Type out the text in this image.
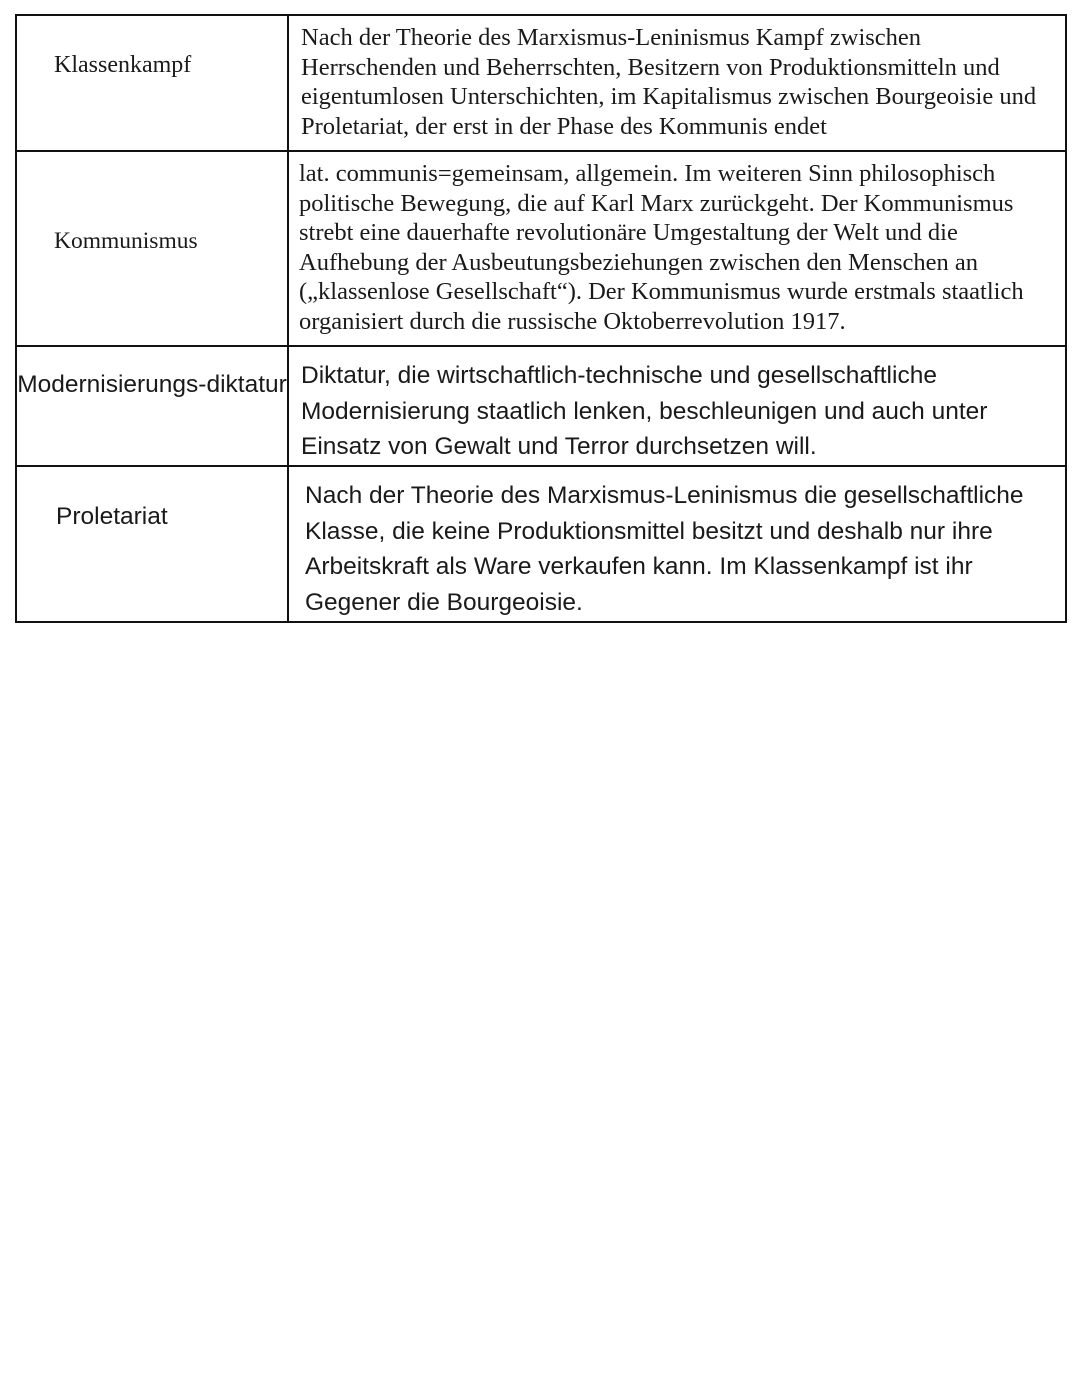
Klassenkampf	Nach der Theorie des Marxismus-Leninismus Kampf zwischen Herrschenden und Beherrschten, Besitzern von Produktionsmitteln und eigentumlosen Unterschichten, im Kapitalismus zwischen Bourgeoisie und Proletariat, der erst in der Phase des Kommunis endet

Kommunismus	lat. communis=gemeinsam, allgemein. Im weiteren Sinn philosophisch politische Bewegung, die auf Karl Marx zurückgeht. Der Kommunismus strebt eine dauerhafte revolutionäre Umgestaltung der Welt und die Aufhebung der Ausbeutungsbeziehungen zwischen den Menschen an („klassenlose Gesellschaft“). Der Kommunismus wurde erstmals staatlich organisiert durch die russische Oktoberrevolution 1917.

Modernisierungs-diktatur	Diktatur, die wirtschaftlich-technische und gesellschaftliche Modernisierung staatlich lenken, beschleunigen und auch unter Einsatz von Gewalt und Terror durchsetzen will.

Proletariat	Nach der Theorie des Marxismus-Leninismus die gesellschaftliche Klasse, die keine Produktionsmittel besitzt und deshalb nur ihre Arbeitskraft als Ware verkaufen kann. Im Klassenkampf ist ihr Gegener die Bourgeoisie.
